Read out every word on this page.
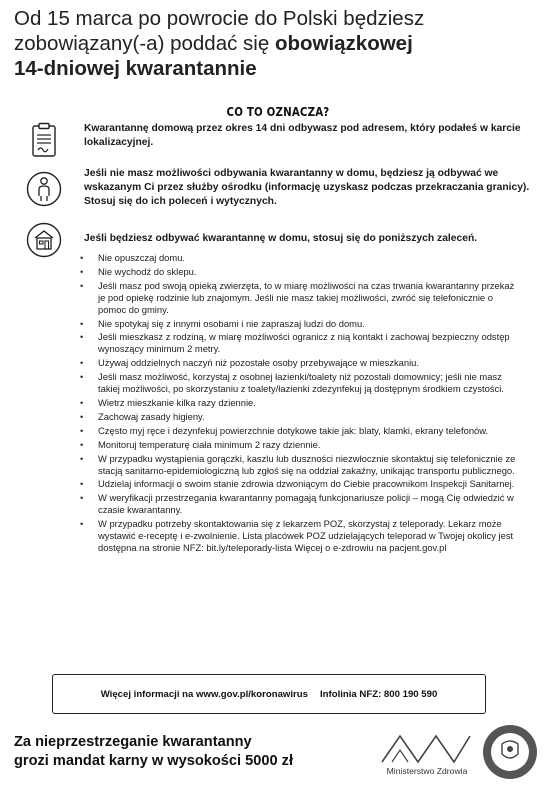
Od 15 marca po powrocie do Polski będziesz zobowiązany(-a) poddać się obowiązkowej
14-dniowej kwarantannie
CO TO OZNACZA?
Kwarantannę domową przez okres 14 dni odbywasz pod adresem, który podałeś w karcie lokalizacyjnej.
Jeśli nie masz możliwości odbywania kwarantanny w domu, będziesz ją odbywać we wskazanym Ci przez służby ośrodku (informację uzyskasz podczas przekraczania granicy). Stosuj się do ich poleceń i wytycznych.
Jeśli będziesz odbywać kwarantannę w domu, stosuj się do poniższych zaleceń.
• Nie opuszczaj domu.
• Nie wychodź do sklepu.
• Jeśli masz pod swoją opieką zwierzęta, to w miarę możliwości na czas trwania kwarantanny przekaż je pod opiekę rodzinie lub znajomym. Jeśli nie masz takiej możliwości, zwróć się telefonicznie o pomoc do gminy.
• Nie spotykaj się z innymi osobami i nie zapraszaj ludzi do domu.
• Jeśli mieszkasz z rodziną, w miarę możliwości ogranicz z nią kontakt i zachowaj bezpieczny odstęp wynoszący minimum 2 metry.
• Używaj oddzielnych naczyń niż pozostałe osoby przebywające w mieszkaniu.
• Jeśli masz możliwość, korzystaj z osobnej łazienki/toalety niż pozostali domownicy; jeśli nie masz takiej możliwości, po skorzystaniu z toalety/łazienki zdezynfekuj ją dostępnym środkiem czystości.
• Wietrz mieszkanie kilka razy dziennie.
• Zachowaj zasady higieny.
• Często myj ręce i dezynfekuj powierzchnie dotykowe takie jak: blaty, klamki, ekrany telefonów.
• Monitoruj temperaturę ciała minimum 2 razy dziennie.
• W przypadku wystąpienia gorączki, kaszlu lub duszności niezwłocznie skontaktuj się telefonicznie ze stacją sanitarno-epidemiologiczną lub zgłoś się na oddział zakaźny, unikając transportu publicznego.
• Udzielaj informacji o swoim stanie zdrowia dzwoniącym do Ciebie pracownikom Inspekcji Sanitarnej.
• W weryfikacji przestrzegania kwarantanny pomagają funkcjonariusze policji – mogą Cię odwiedzić w czasie kwarantanny.
• W przypadku potrzeby skontaktowania się z lekarzem POZ, skorzystaj z teleporady. Lekarz może wystawić e-receptę i e-zwolnienie. Lista placówek POZ udzielających teleporad w Twojej okolicy jest dostępna na stronie NFZ: bit.ly/teleporady-lista Więcej o e-zdrowiu na pacjent.gov.pl
Więcej informacji na www.gov.pl/koronawirus Infolinia NFZ: 800 190 590
Za nieprzestrzeganie kwarantanny
grozi mandat karny w wysokości 5000 zł
Ministerstwo Zdrowia
